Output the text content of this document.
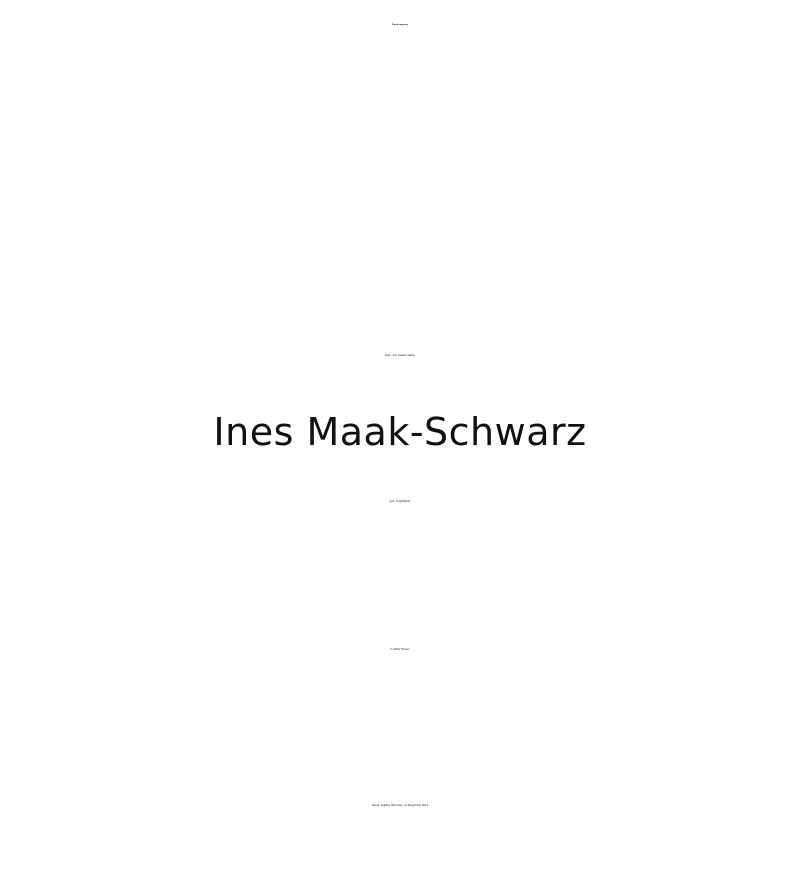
Danksagung
Allen, die unserer lieben
Ines Maak-Schwarz
geb. Voigtländer
In stiller Trauer:
Leuna, Leipzig, München, im November 2014
